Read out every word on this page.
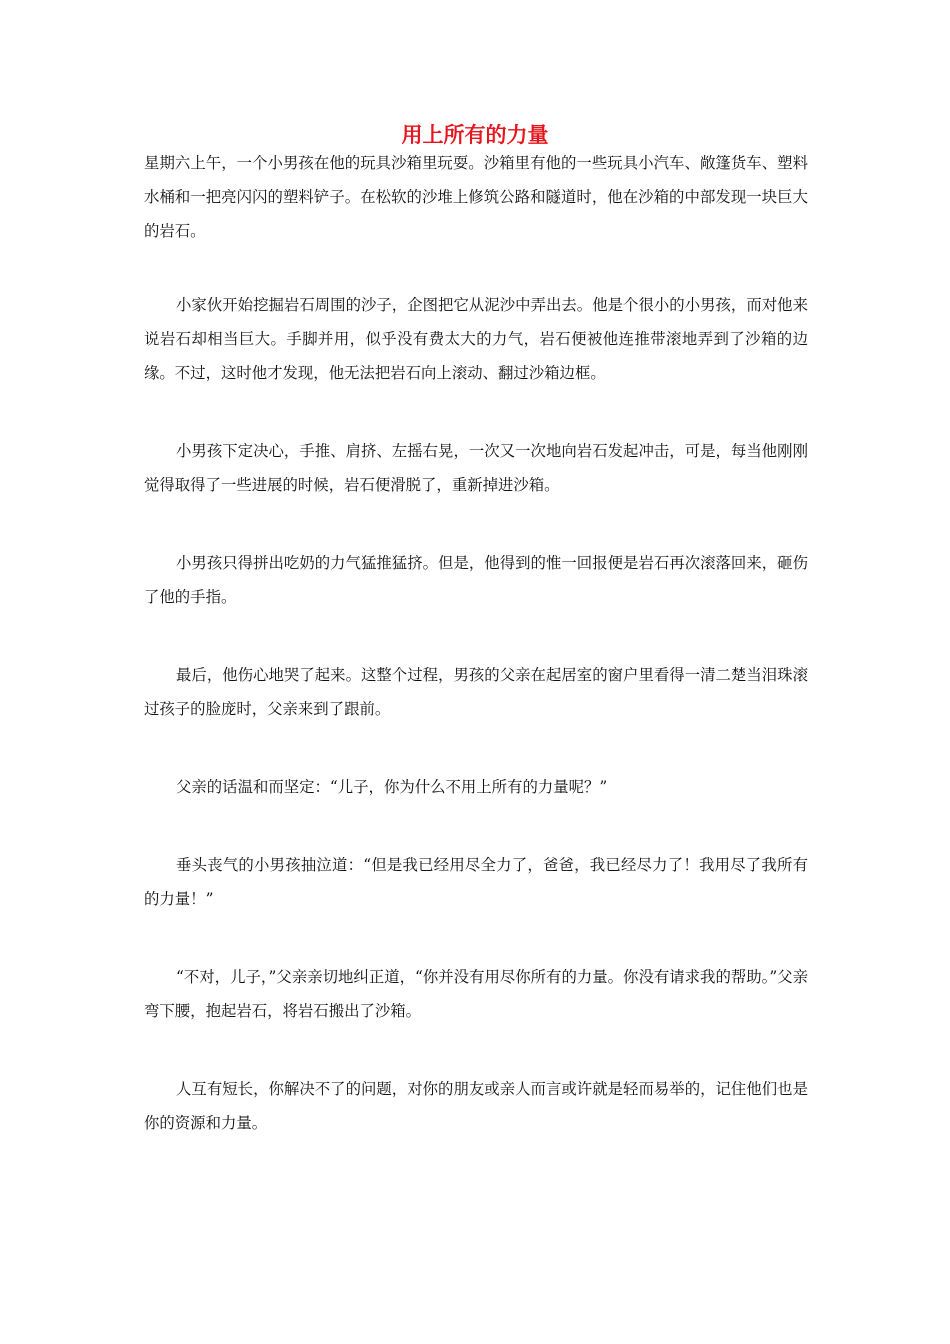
用上所有的力量

星期六上午，一个小男孩在他的玩具沙箱里玩耍。沙箱里有他的一些玩具小汽车、敞篷货车、塑料水桶和一把亮闪闪的塑料铲子。在松软的沙堆上修筑公路和隧道时，他在沙箱的中部发现一块巨大的岩石。

小家伙开始挖掘岩石周围的沙子，企图把它从泥沙中弄出去。他是个很小的小男孩，而对他来说岩石却相当巨大。手脚并用，似乎没有费太大的力气，岩石便被他连推带滚地弄到了沙箱的边缘。不过，这时他才发现，他无法把岩石向上滚动、翻过沙箱边框。

小男孩下定决心，手推、肩挤、左摇右晃，一次又一次地向岩石发起冲击，可是，每当他刚刚觉得取得了一些进展的时候，岩石便滑脱了，重新掉进沙箱。

小男孩只得拼出吃奶的力气猛推猛挤。但是，他得到的惟一回报便是岩石再次滚落回来，砸伤了他的手指。

最后，他伤心地哭了起来。这整个过程，男孩的父亲在起居室的窗户里看得一清二楚当泪珠滚过孩子的脸庞时，父亲来到了跟前。

父亲的话温和而坚定：“儿子，你为什么不用上所有的力量呢？”

垂头丧气的小男孩抽泣道：“但是我已经用尽全力了，爸爸，我已经尽力了！我用尽了我所有的力量！”

“不对，儿子，”父亲亲切地纠正道，“你并没有用尽你所有的力量。你没有请求我的帮助。”父亲弯下腰，抱起岩石，将岩石搬出了沙箱。

人互有短长，你解决不了的问题，对你的朋友或亲人而言或许就是轻而易举的，记住他们也是你的资源和力量。
